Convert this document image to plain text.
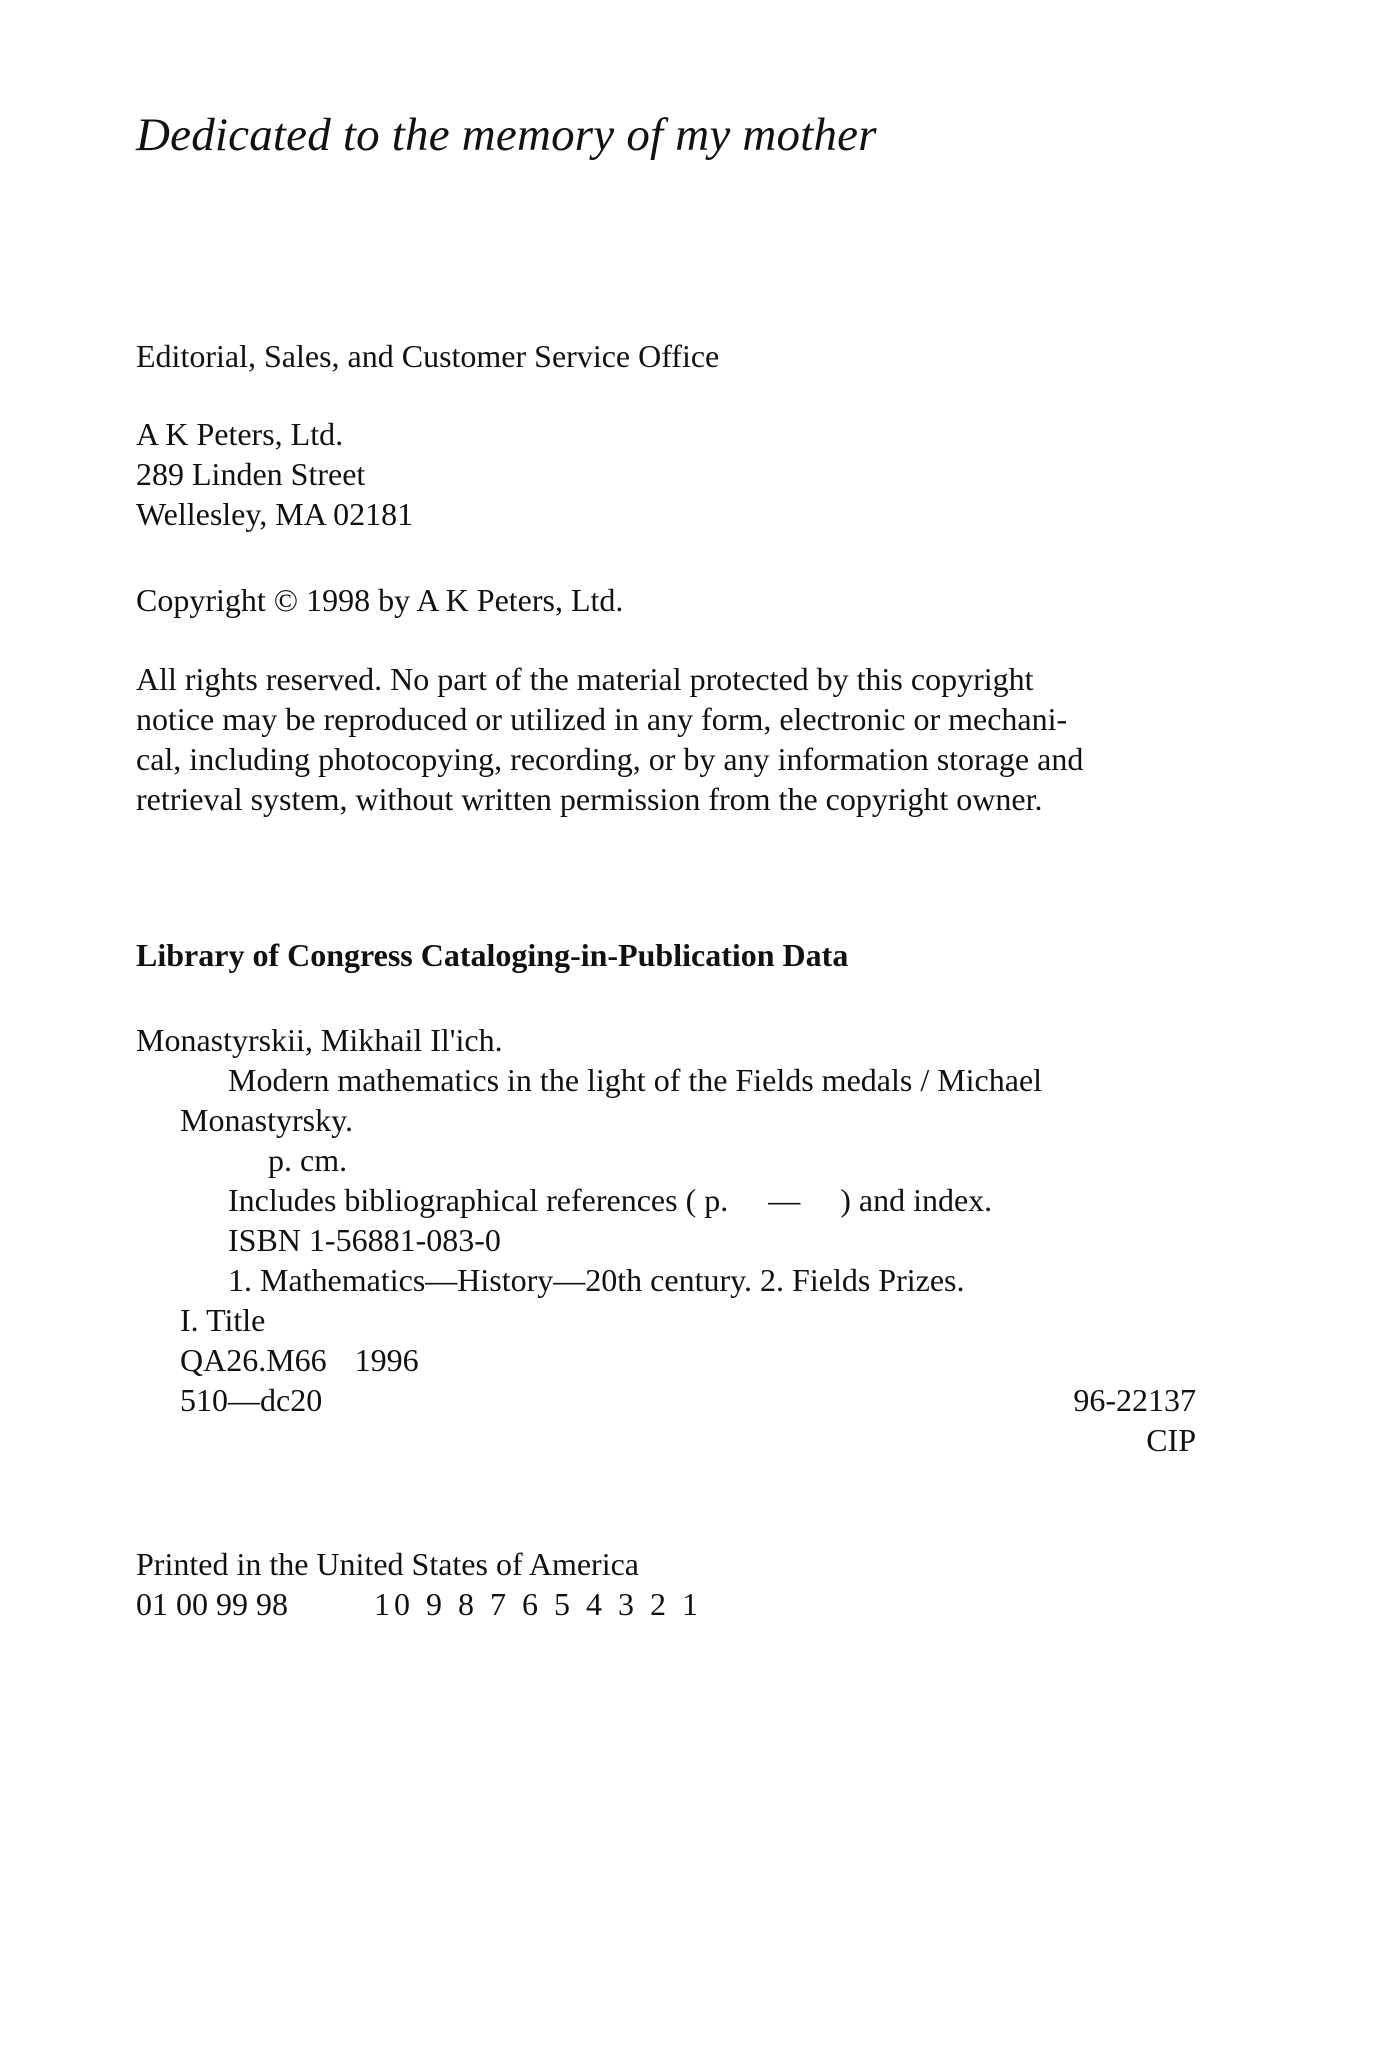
Dedicated to the memory of my mother
Editorial, Sales, and Customer Service Office
A K Peters, Ltd.
289 Linden Street
Wellesley, MA 02181
Copyright © 1998 by A K Peters, Ltd.
All rights reserved. No part of the material protected by this copyright
notice may be reproduced or utilized in any form, electronic or mechani-
cal, including photocopying, recording, or by any information storage and
retrieval system, without written permission from the copyright owner.
Library of Congress Cataloging-in-Publication Data
Monastyrskii, Mikhail Il'ich.
Modern mathematics in the light of the Fields medals / Michael
Monastyrsky.
p. cm.
Includes bibliographical references ( p. — ) and index.
ISBN 1-56881-083-0
1. Mathematics—History—20th century. 2. Fields Prizes.
I. Title
QA26.M66 1996
510—dc20	96-22137
CIP
Printed in the United States of America
01 00 99 98	10 9 8 7 6 5 4 3 2 1
